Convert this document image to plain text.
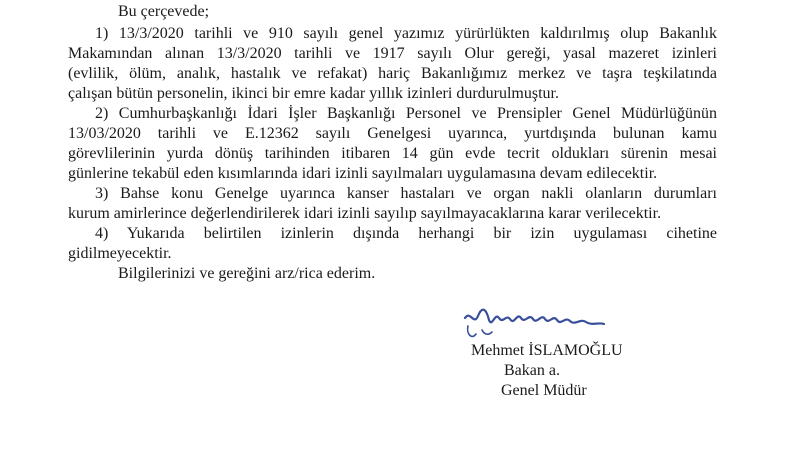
Bu çerçevede;
1) 13/3/2020 tarihli ve 910 sayılı genel yazımız yürürlükten kaldırılmış olup Bakanlık
Makamından alınan 13/3/2020 tarihli ve 1917 sayılı Olur gereği, yasal mazeret izinleri
(evlilik, ölüm, analık, hastalık ve refakat) hariç Bakanlığımız merkez ve taşra teşkilatında
çalışan bütün personelin, ikinci bir emre kadar yıllık izinleri durdurulmuştur.
2) Cumhurbaşkanlığı İdari İşler Başkanlığı Personel ve Prensipler Genel Müdürlüğünün
13/03/2020 tarihli ve E.12362 sayılı Genelgesi uyarınca, yurtdışında bulunan kamu
görevlilerinin yurda dönüş tarihinden itibaren 14 gün evde tecrit oldukları sürenin mesai
günlerine tekabül eden kısımlarında idari izinli sayılmaları uygulamasına devam edilecektir.
3) Bahse konu Genelge uyarınca kanser hastaları ve organ nakli olanların durumları
kurum amirlerince değerlendirilerek idari izinli sayılıp sayılmayacaklarına karar verilecektir.
4) Yukarıda belirtilen izinlerin dışında herhangi bir izin uygulaması cihetine
gidilmeyecektir.
Bilgilerinizi ve gereğini arz/rica ederim.
Mehmet İSLAMOĞLU
Bakan a.
Genel Müdür
